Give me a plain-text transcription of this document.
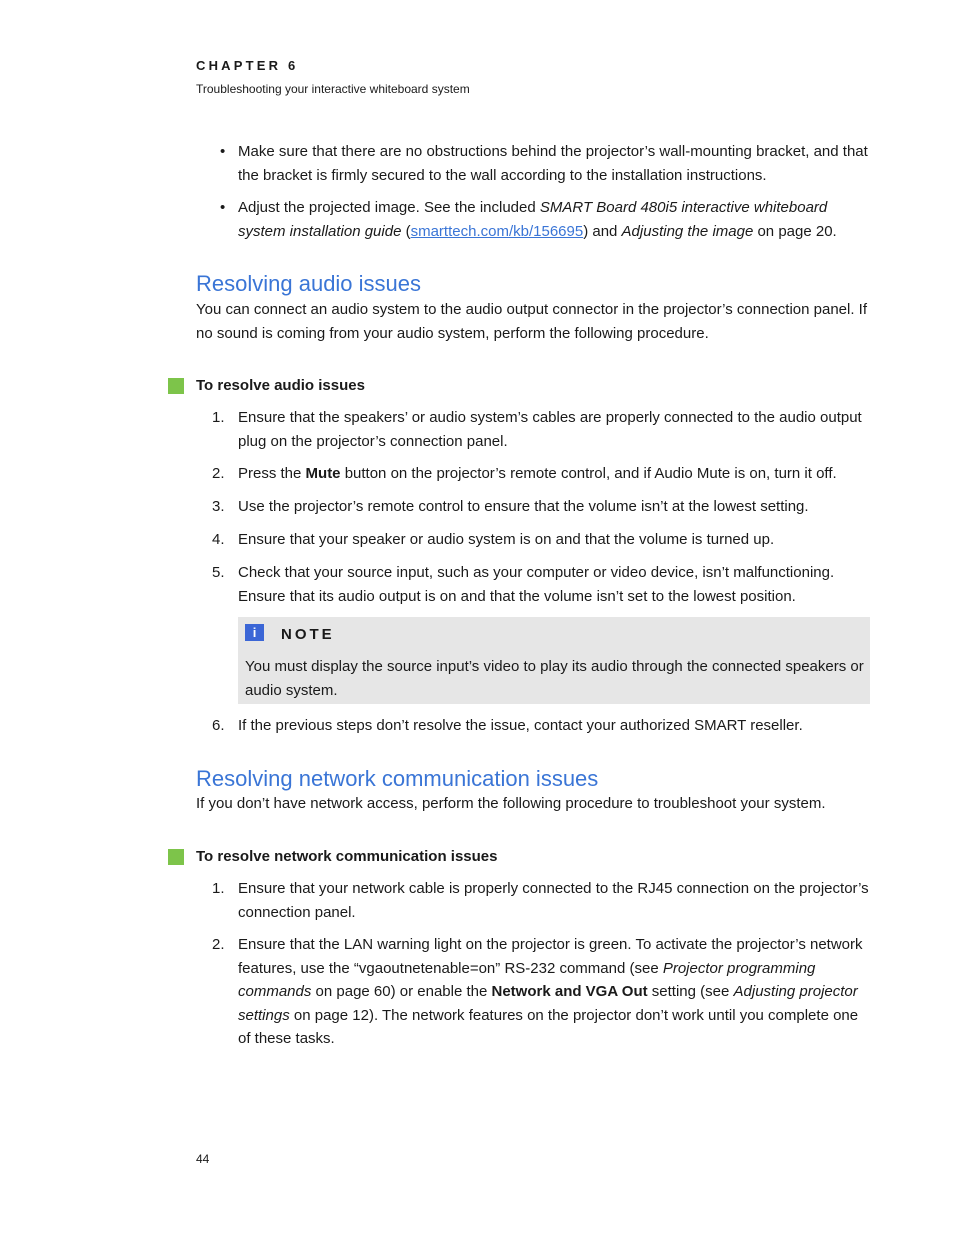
CHAPTER 6
Troubleshooting your interactive whiteboard system
• Make sure that there are no obstructions behind the projector’s wall-mounting bracket, and that the bracket is firmly secured to the wall according to the installation instructions.
• Adjust the projected image. See the included SMART Board 480i5 interactive whiteboard system installation guide (smarttech.com/kb/156695) and Adjusting the image on page 20.
Resolving audio issues
You can connect an audio system to the audio output connector in the projector’s connection panel. If no sound is coming from your audio system, perform the following procedure.
To resolve audio issues
1. Ensure that the speakers’ or audio system’s cables are properly connected to the audio output plug on the projector’s connection panel.
2. Press the Mute button on the projector’s remote control, and if Audio Mute is on, turn it off.
3. Use the projector’s remote control to ensure that the volume isn’t at the lowest setting.
4. Ensure that your speaker or audio system is on and that the volume is turned up.
5. Check that your source input, such as your computer or video device, isn’t malfunctioning. Ensure that its audio output is on and that the volume isn’t set to the lowest position.
i	NOTE
You must display the source input’s video to play its audio through the connected speakers or audio system.
6. If the previous steps don’t resolve the issue, contact your authorized SMART reseller.
Resolving network communication issues
If you don’t have network access, perform the following procedure to troubleshoot your system.
To resolve network communication issues
1. Ensure that your network cable is properly connected to the RJ45 connection on the projector’s connection panel.
2. Ensure that the LAN warning light on the projector is green. To activate the projector’s network features, use the “vgaoutnetenable=on” RS-232 command (see Projector programming commands on page 60) or enable the Network and VGA Out setting (see Adjusting projector settings on page 12). The network features on the projector don’t work until you complete one of these tasks.
44
